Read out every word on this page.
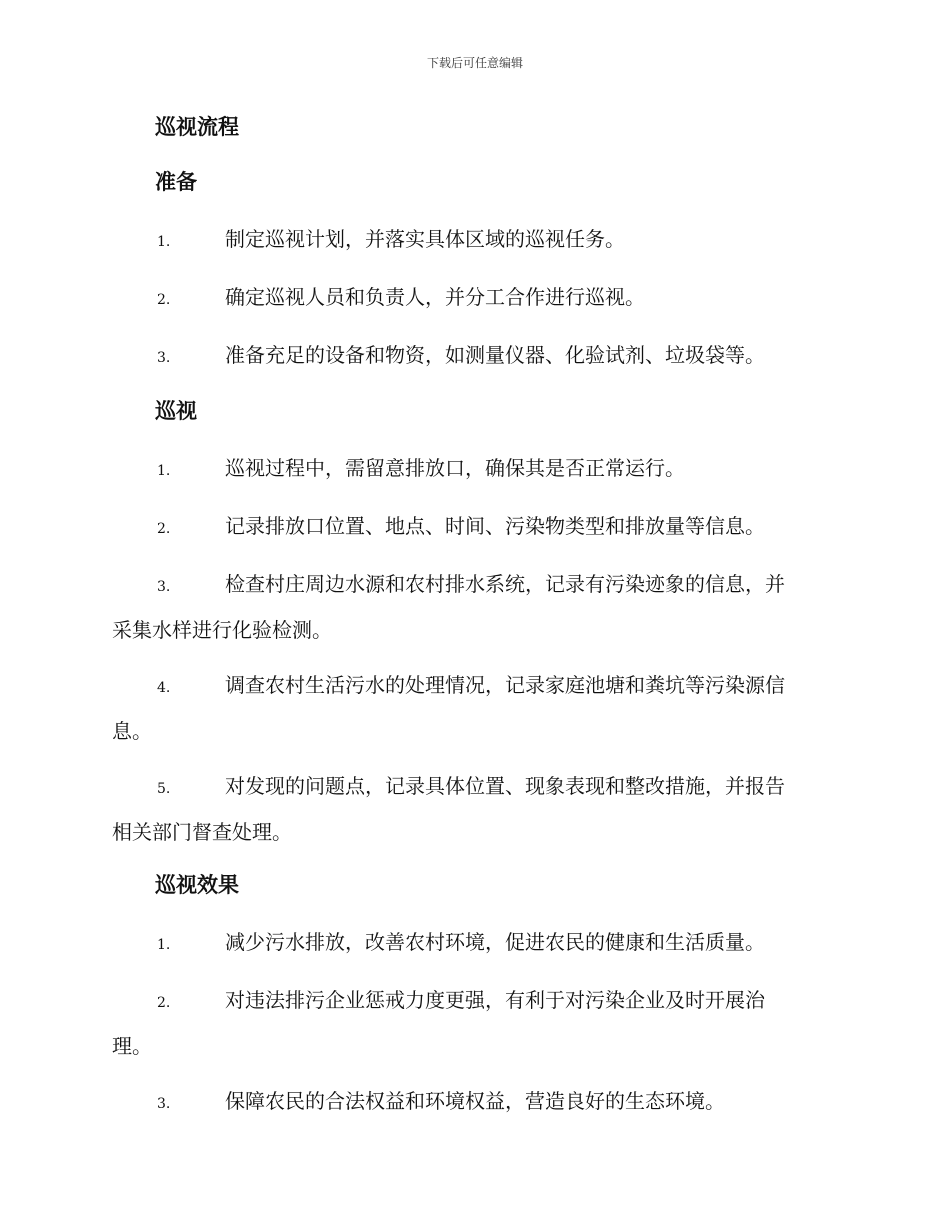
下载后可任意编辑
巡视流程
准备
1.	制定巡视计划，并落实具体区域的巡视任务。
2.	确定巡视人员和负责人，并分工合作进行巡视。
3.	准备充足的设备和物资，如测量仪器、化验试剂、垃圾袋等。
巡视
1.	巡视过程中，需留意排放口，确保其是否正常运行。
2.	记录排放口位置、地点、时间、污染物类型和排放量等信息。
3.	检查村庄周边水源和农村排水系统，记录有污染迹象的信息，并
采集水样进行化验检测。
4.	调查农村生活污水的处理情况，记录家庭池塘和粪坑等污染源信
息。
5.	对发现的问题点，记录具体位置、现象表现和整改措施，并报告
相关部门督查处理。
巡视效果
1.	减少污水排放，改善农村环境，促进农民的健康和生活质量。
2.	对违法排污企业惩戒力度更强，有利于对污染企业及时开展治
理。
3.	保障农民的合法权益和环境权益，营造良好的生态环境。
